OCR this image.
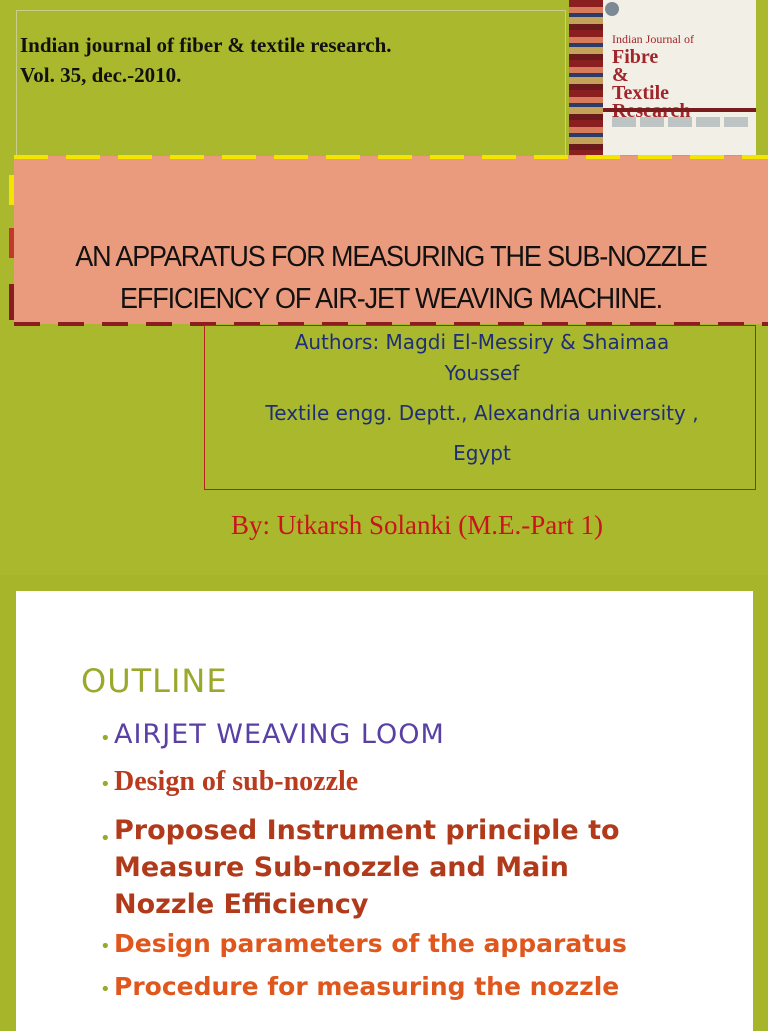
Indian journal of fiber & textile research.
Vol. 35, dec.-2010.
Indian Journal of
Fibre
&
Textile
AN APPARATUS FOR MEASURING THE SUB-NOZZLE
EFFICIENCY OF AIR-JET WEAVING MACHINE.
Authors: Magdi El-Messiry & Shaimaa
Youssef
Textile engg. Deptt., Alexandria university ,
Egypt
By: Utkarsh Solanki (M.E.-Part 1)
OUTLINE
• AIRJET WEAVING LOOM
• Design of sub-nozzle
• Proposed Instrument principle to
Measure Sub-nozzle and Main
Nozzle Efficiency
• Design parameters of the apparatus
• Procedure for measuring the nozzle
